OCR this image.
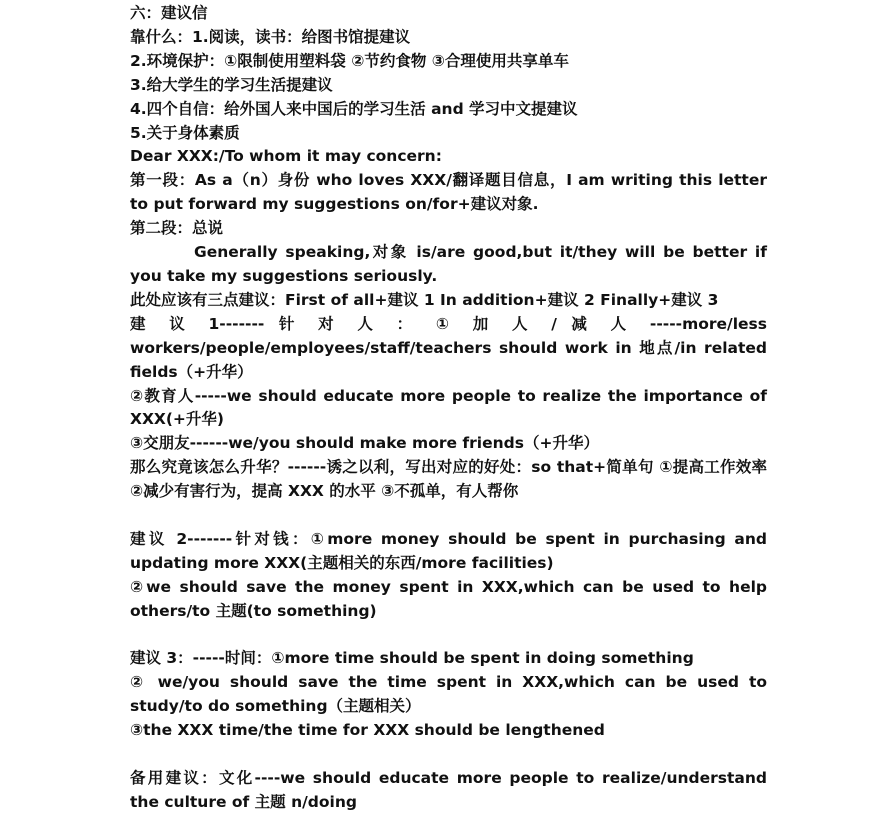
六：建议信

靠什么：1.阅读，读书：给图书馆提建议

2.环境保护：①限制使用塑料袋 ②节约食物 ③合理使用共享单车

3.给大学生的学习生活提建议

4.四个自信：给外国人来中国后的学习生活 and 学习中文提建议

5.关于身体素质

Dear XXX:/To whom it may concern:

第一段：As a（n）身份 who loves XXX/翻译题目信息，I am writing this letter to put forward my suggestions on/for+建议对象.

第二段：总说

Generally speaking,对象 is/are good,but it/they will be better if you take my suggestions seriously.

此处应该有三点建议：First of all+建议 1 In addition+建议 2 Finally+建议 3

建 议 1------- 针 对 人 ： ① 加 人 / 减 人 -----more/less

workers/people/employees/staff/teachers should work in 地点/in related fields（+升华）

②教育人-----we should educate more people to realize the importance of XXX(+升华)

③交朋友------we/you should make more friends（+升华）

那么究竟该怎么升华？------诱之以利，写出对应的好处：so that+简单句 ①提高工作效率 ②减少有害行为，提高 XXX 的水平 ③不孤单，有人帮你

建议 2-------针对钱：①more money should be spent in purchasing and updating more XXX(主题相关的东西/more facilities)

②we should save the money spent in XXX,which can be used to help others/to 主题(to something)

建议 3：-----时间：①more time should be spent in doing something

② we/you should save the time spent in XXX,which can be used to study/to do something（主题相关）

③the XXX time/the time for XXX should be lengthened

备用建议：文化----we should educate more people to realize/understand the culture of 主题 n/doing
